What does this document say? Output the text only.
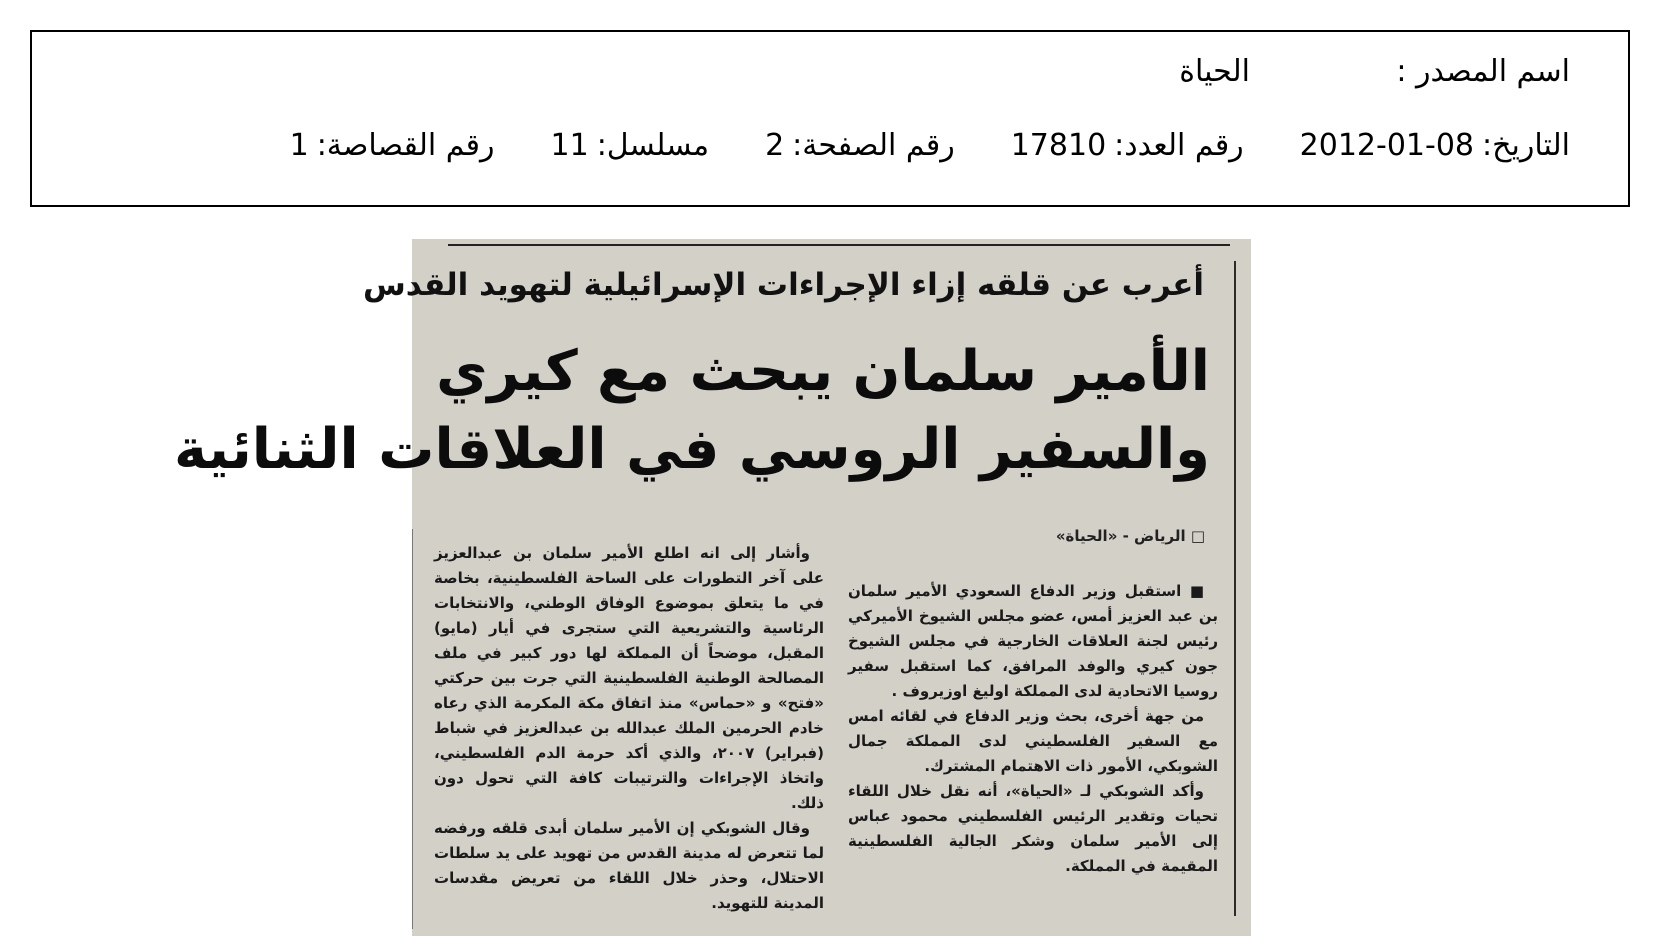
اسم المصدر :
الحياة
التاريخ:
2012-01-08
رقم العدد:
17810
رقم الصفحة:
2
مسلسل:
11
رقم القصاصة:
1
أعرب عن قلقه إزاء الإجراءات الإسرائيلية لتهويد القدس
الأمير سلمان يبحث مع كيري
والسفير الروسي في العلاقات الثنائية
□ الرياض - «الحياة»

■ استقبل وزير الدفاع السعودي الأمير سلمان بن عبد العزيز أمس، عضو مجلس الشيوخ الأميركي رئيس لجنة العلاقات الخارجية في مجلس الشيوخ جون كيري والوفد المرافق، كما استقبل سفير روسيا الاتحادية لدى المملكة اوليغ اوزيروف .

من جهة أخرى، بحث وزير الدفاع في لقائه امس مع السفير الفلسطيني لدى المملكة جمال الشوبكي، الأمور ذات الاهتمام المشترك.

وأكد الشوبكي لـ «الحياة»، أنه نقل خلال اللقاء تحيات وتقدير الرئيس الفلسطيني محمود عباس إلى الأمير سلمان وشكر الجالية الفلسطينية المقيمة في المملكة.

وأشار إلى انه اطلع الأمير سلمان بن عبدالعزيز على آخر التطورات على الساحة الفلسطينية، بخاصة في ما يتعلق بموضوع الوفاق الوطني، والانتخابات الرئاسية والتشريعية التي ستجرى في أيار (مايو) المقبل، موضحاً أن المملكة لها دور كبير في ملف المصالحة الوطنية الفلسطينية التي جرت بين حركتي «فتح» و «حماس» منذ اتفاق مكة المكرمة الذي رعاه خادم الحرمين الملك عبدالله بن عبدالعزيز في شباط (فبراير) ٢٠٠٧، والذي أكد حرمة الدم الفلسطيني، واتخاذ الإجراءات والترتيبات كافة التي تحول دون ذلك.

وقال الشوبكي إن الأمير سلمان أبدى قلقه ورفضه لما تتعرض له مدينة القدس من تهويد على يد سلطات الاحتلال، وحذر خلال اللقاء من تعريض مقدسات المدينة للتهويد.
